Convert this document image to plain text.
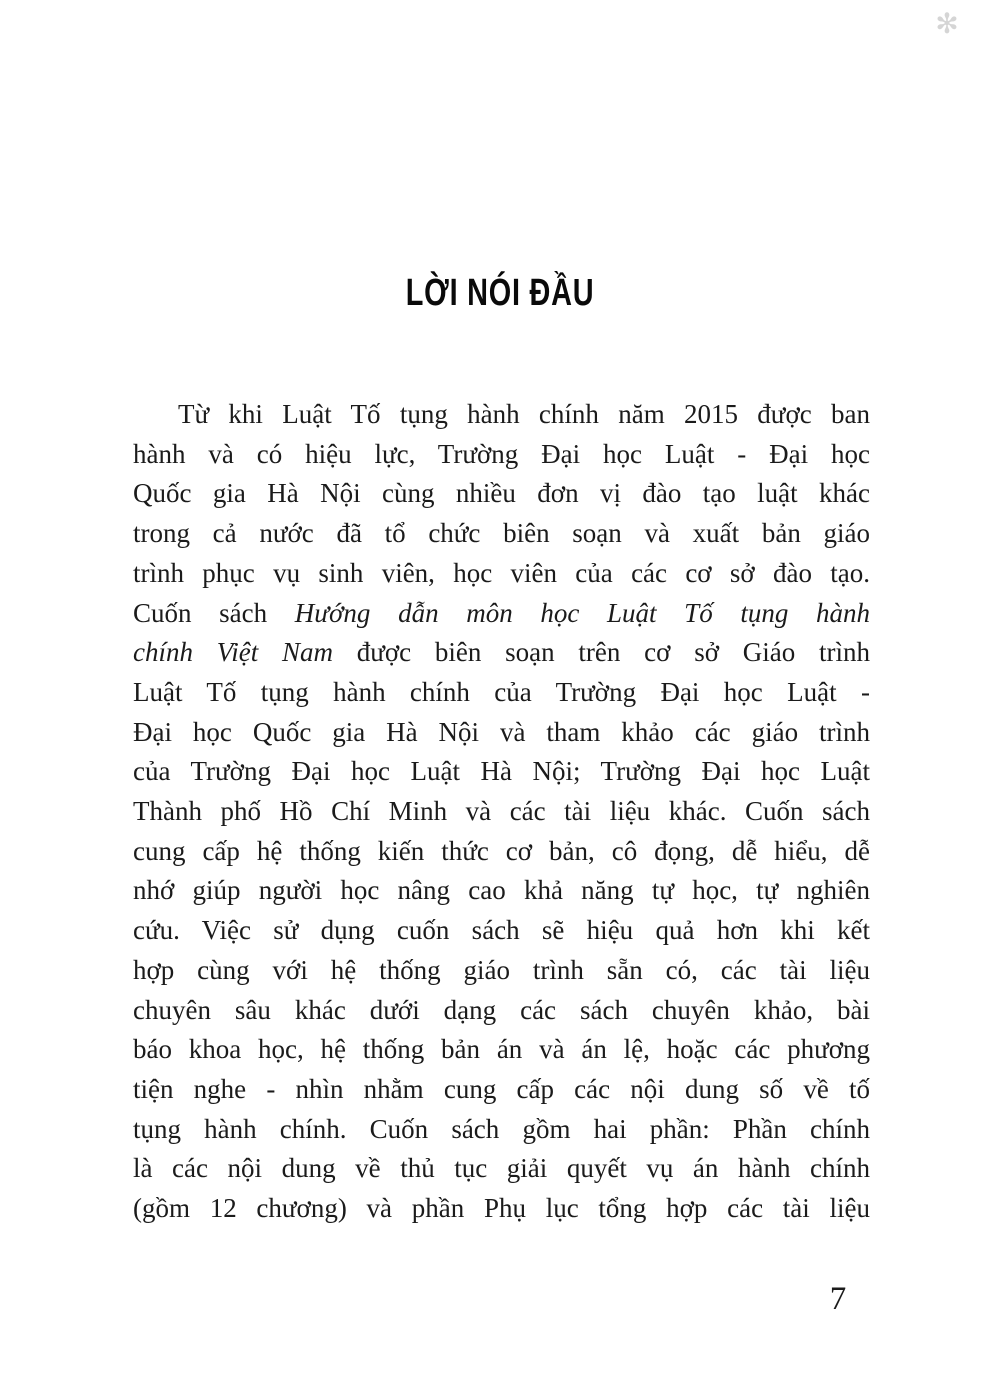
✻
LỜI NÓI ĐẦU
Từ khi Luật Tố tụng hành chính năm 2015 được ban
hành và có hiệu lực, Trường Đại học Luật - Đại học
Quốc gia Hà Nội cùng nhiều đơn vị đào tạo luật khác
trong cả nước đã tổ chức biên soạn và xuất bản giáo
trình phục vụ sinh viên, học viên của các cơ sở đào tạo.
Cuốn sách Hướng dẫn môn học Luật Tố tụng hành
chính Việt Nam được biên soạn trên cơ sở Giáo trình
Luật Tố tụng hành chính của Trường Đại học Luật -
Đại học Quốc gia Hà Nội và tham khảo các giáo trình
của Trường Đại học Luật Hà Nội; Trường Đại học Luật
Thành phố Hồ Chí Minh và các tài liệu khác. Cuốn sách
cung cấp hệ thống kiến thức cơ bản, cô đọng, dễ hiểu, dễ
nhớ giúp người học nâng cao khả năng tự học, tự nghiên
cứu. Việc sử dụng cuốn sách sẽ hiệu quả hơn khi kết
hợp cùng với hệ thống giáo trình sẵn có, các tài liệu
chuyên sâu khác dưới dạng các sách chuyên khảo, bài
báo khoa học, hệ thống bản án và án lệ, hoặc các phương
tiện nghe - nhìn nhằm cung cấp các nội dung số về tố
tụng hành chính. Cuốn sách gồm hai phần: Phần chính
là các nội dung về thủ tục giải quyết vụ án hành chính
(gồm 12 chương) và phần Phụ lục tổng hợp các tài liệu
7
